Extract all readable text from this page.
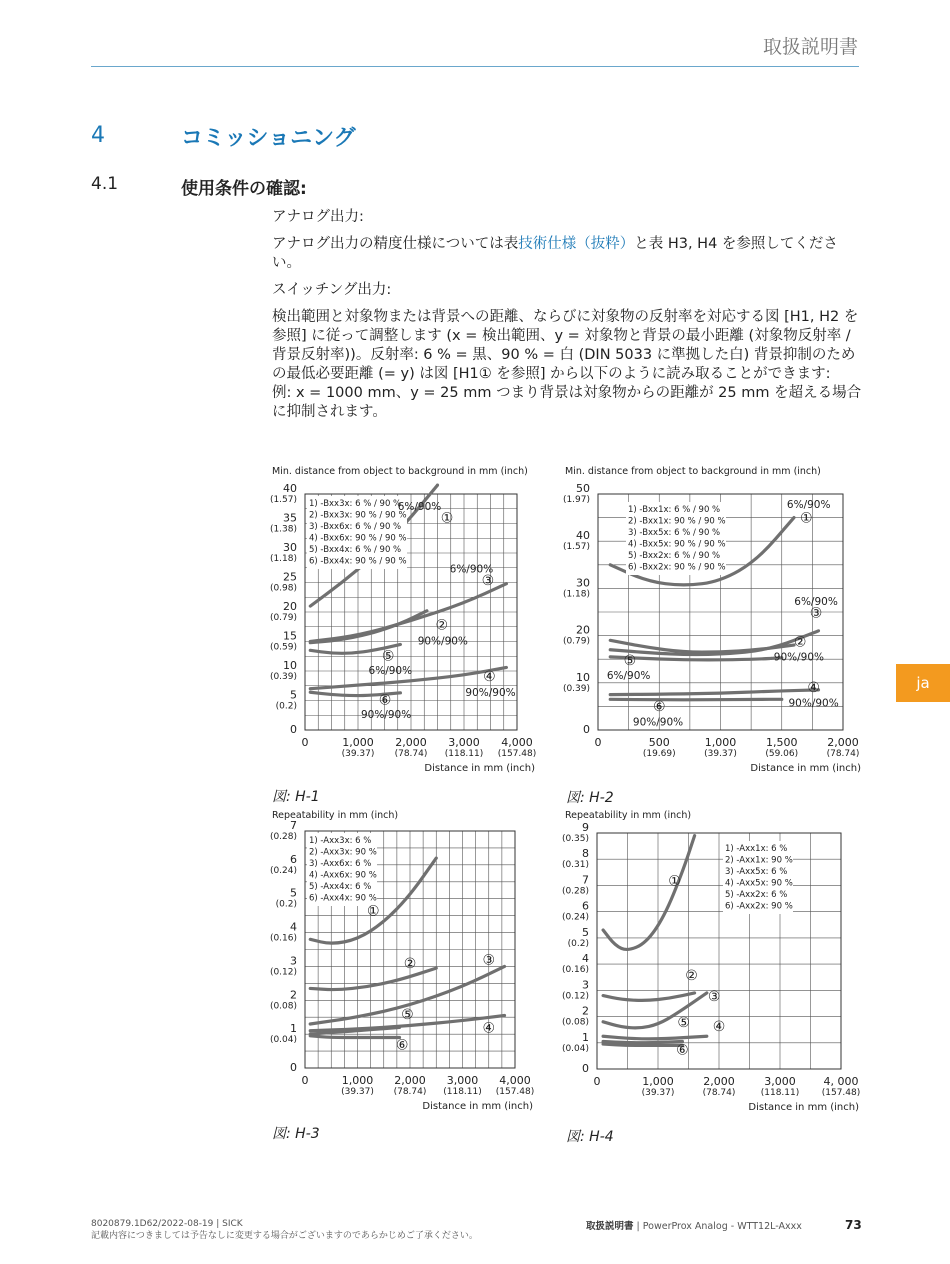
取扱説明書
4	コミッショニング
4.1	使用条件の確認:

アナログ出力:

アナログ出力の精度仕様については表技術仕様（抜粋）と表 H3, H4 を参照してください。

スイッチング出力:

検出範囲と対象物または背景への距離、ならびに対象物の反射率を対応する図 [H1, H2 を参照] に従って調整します (x = 検出範囲、y = 対象物と背景の最小距離 (対象物反射率 / 背景反射率))。反射率: 6 % = 黒、90 % = 白 (DIN 5033 に準拠した白) 背景抑制のための最低必要距離 (= y) は図 [H1① を参照] から以下のように読み取ることができます:

例: x = 1000 mm、y = 25 mm つまり背景は対象物からの距離が 25 mm を超える場合に抑制されます。

ja
Min. distance from object to background in mm (inch)
0
5
(0.2)
10
(0.39)
15
(0.59)
20
(0.79)
25
(0.98)
30
(1.18)
35
(1.38)
40
(1.57)
0	1,000
(39.37)
2,000
(78.74)
3,000
(118.11)
4,000
(157.48)
Distance in mm (inch)
1) -Bxx3x: 6 % / 90 %
2) -Bxx3x: 90 % / 90 %
3) -Bxx6x: 6 % / 90 %
4) -Bxx6x: 90 % / 90 %
5) -Bxx4x: 6 % / 90 %
6) -Bxx4x: 90 % / 90 %
6%/90%
①
6%/90%
③
②
90%/90%
⑤
6%/90%	④
90%/90%
⑥
90%/90%
Min. distance from object to background in mm (inch)
0
10
(0.39)
20
(0.79)
30
(1.18)
40
(1.57)
50
(1.97)
0	500
(19.69)
1,000
(39.37)
1,500
(59.06)
2,000
(78.74)
Distance in mm (inch)
1) -Bxx1x: 6 % / 90 %
2) -Bxx1x: 90 % / 90 %
3) -Bxx5x: 6 % / 90 %
4) -Bxx5x: 90 % / 90 %
5) -Bxx2x: 6 % / 90 %
6) -Bxx2x: 90 % / 90 %
6%/90%
①
6%/90%
③
②
90%/90%
⑤
6%/90%
④
90%/90%
⑥
90%/90%
Repeatability in mm (inch)
0
1
(0.04)
2
(0.08)
3
(0.12)
4
(0.16)
5
(0.2)
6
(0.24)
7
(0.28)
0	1,000
(39.37)
2,000
(78.74)
3,000
(118.11)
4,000
(157.48)
Distance in mm (inch)
1) -Axx3x: 6 %
2) -Axx3x: 90 %
3) -Axx6x: 6 %
4) -Axx6x: 90 %
5) -Axx4x: 6 %
6) -Axx4x: 90 %
①
②	③
⑤
④
⑥
Repeatability in mm (inch)
0
1
(0.04)
2
(0.08)
3
(0.12)
4
(0.16)
5
(0.2)
6
(0.24)
7
(0.28)
8
(0.31)
9
(0.35)
0	1,000
(39.37)
2,000
(78.74)
3,000
(118.11)
4, 000
(157.48)
Distance in mm (inch)
1) -Axx1x: 6 %
2) -Axx1x: 90 %
3) -Axx5x: 6 %
4) -Axx5x: 90 %
5) -Axx2x: 6 %
6) -Axx2x: 90 %
①
②
③
⑤ ④
⑥
図: H-1	図: H-2
図: H-3	図: H-4
8020879.1D62/2022-08-19 | SICK
記載内容につきましては予告なしに変更する場合がございますのであらかじめご了承ください。
取扱説明書 | PowerProx Analog - WTT12L-Axxx	73
